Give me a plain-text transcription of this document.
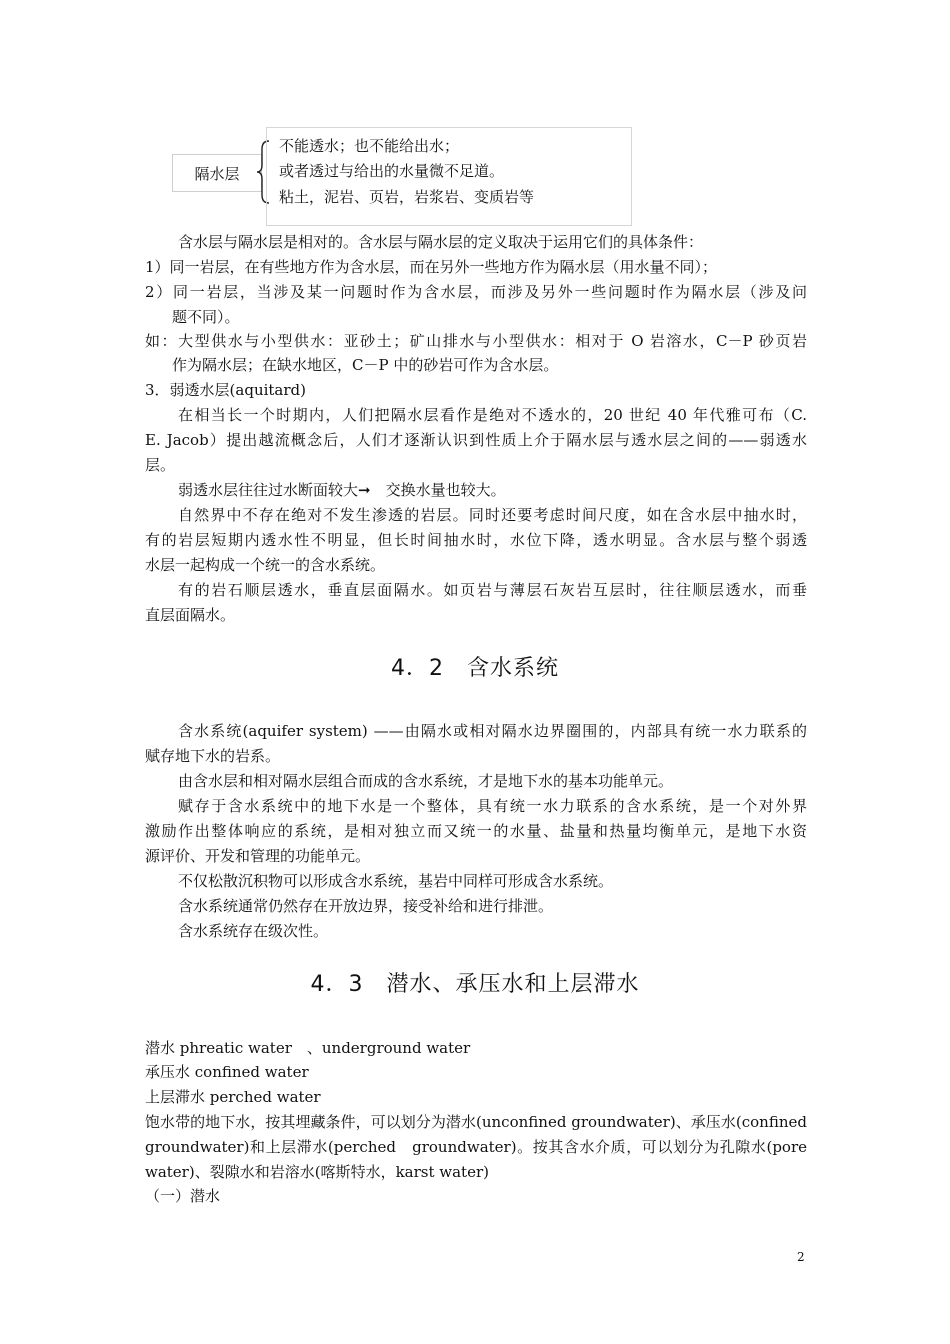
隔水层
不能透水；也不能给出水；
或者透过与给出的水量微不足道。
粘土，泥岩、页岩，岩浆岩、变质岩等
含水层与隔水层是相对的。含水层与隔水层的定义取决于运用它们的具体条件：
1）同一岩层，在有些地方作为含水层，而在另外一些地方作为隔水层（用水量不同）；
2）同一岩层，当涉及某一问题时作为含水层，而涉及另外一些问题时作为隔水层（涉及问
题不同）。
如：大型供水与小型供水：亚砂土；矿山排水与小型供水：相对于 O 岩溶水，C－P 砂页岩
作为隔水层；在缺水地区，C－P 中的砂岩可作为含水层。
3．弱透水层(aquitard)
在相当长一个时期内，人们把隔水层看作是绝对不透水的，20 世纪 40 年代雅可布（C.
E. Jacob）提出越流概念后，人们才逐渐认识到性质上介于隔水层与透水层之间的——弱透水
层。
弱透水层往往过水断面较大➞　交换水量也较大。
自然界中不存在绝对不发生渗透的岩层。同时还要考虑时间尺度，如在含水层中抽水时，
有的岩层短期内透水性不明显，但长时间抽水时，水位下降，透水明显。含水层与整个弱透
水层一起构成一个统一的含水系统。
有的岩石顺层透水，垂直层面隔水。如页岩与薄层石灰岩互层时，往往顺层透水，而垂
直层面隔水。
4．2　含水系统
含水系统(aquifer system) ——由隔水或相对隔水边界圈围的，内部具有统一水力联系的
赋存地下水的岩系。
由含水层和相对隔水层组合而成的含水系统，才是地下水的基本功能单元。
赋存于含水系统中的地下水是一个整体，具有统一水力联系的含水系统，是一个对外界
激励作出整体响应的系统，是相对独立而又统一的水量、盐量和热量均衡单元，是地下水资
源评价、开发和管理的功能单元。
不仅松散沉积物可以形成含水系统，基岩中同样可形成含水系统。
含水系统通常仍然存在开放边界，接受补给和进行排泄。
含水系统存在级次性。
4．3　潜水、承压水和上层滞水
潜水 phreatic water　、underground water
承压水 confined water
上层滞水 perched water
饱水带的地下水，按其埋藏条件，可以划分为潜水(unconfined groundwater)、承压水(confined
groundwater)和上层滞水(perched　groundwater)。按其含水介质，可以划分为孔隙水(pore
water)、裂隙水和岩溶水(喀斯特水，karst water)
（一）潜水
2
